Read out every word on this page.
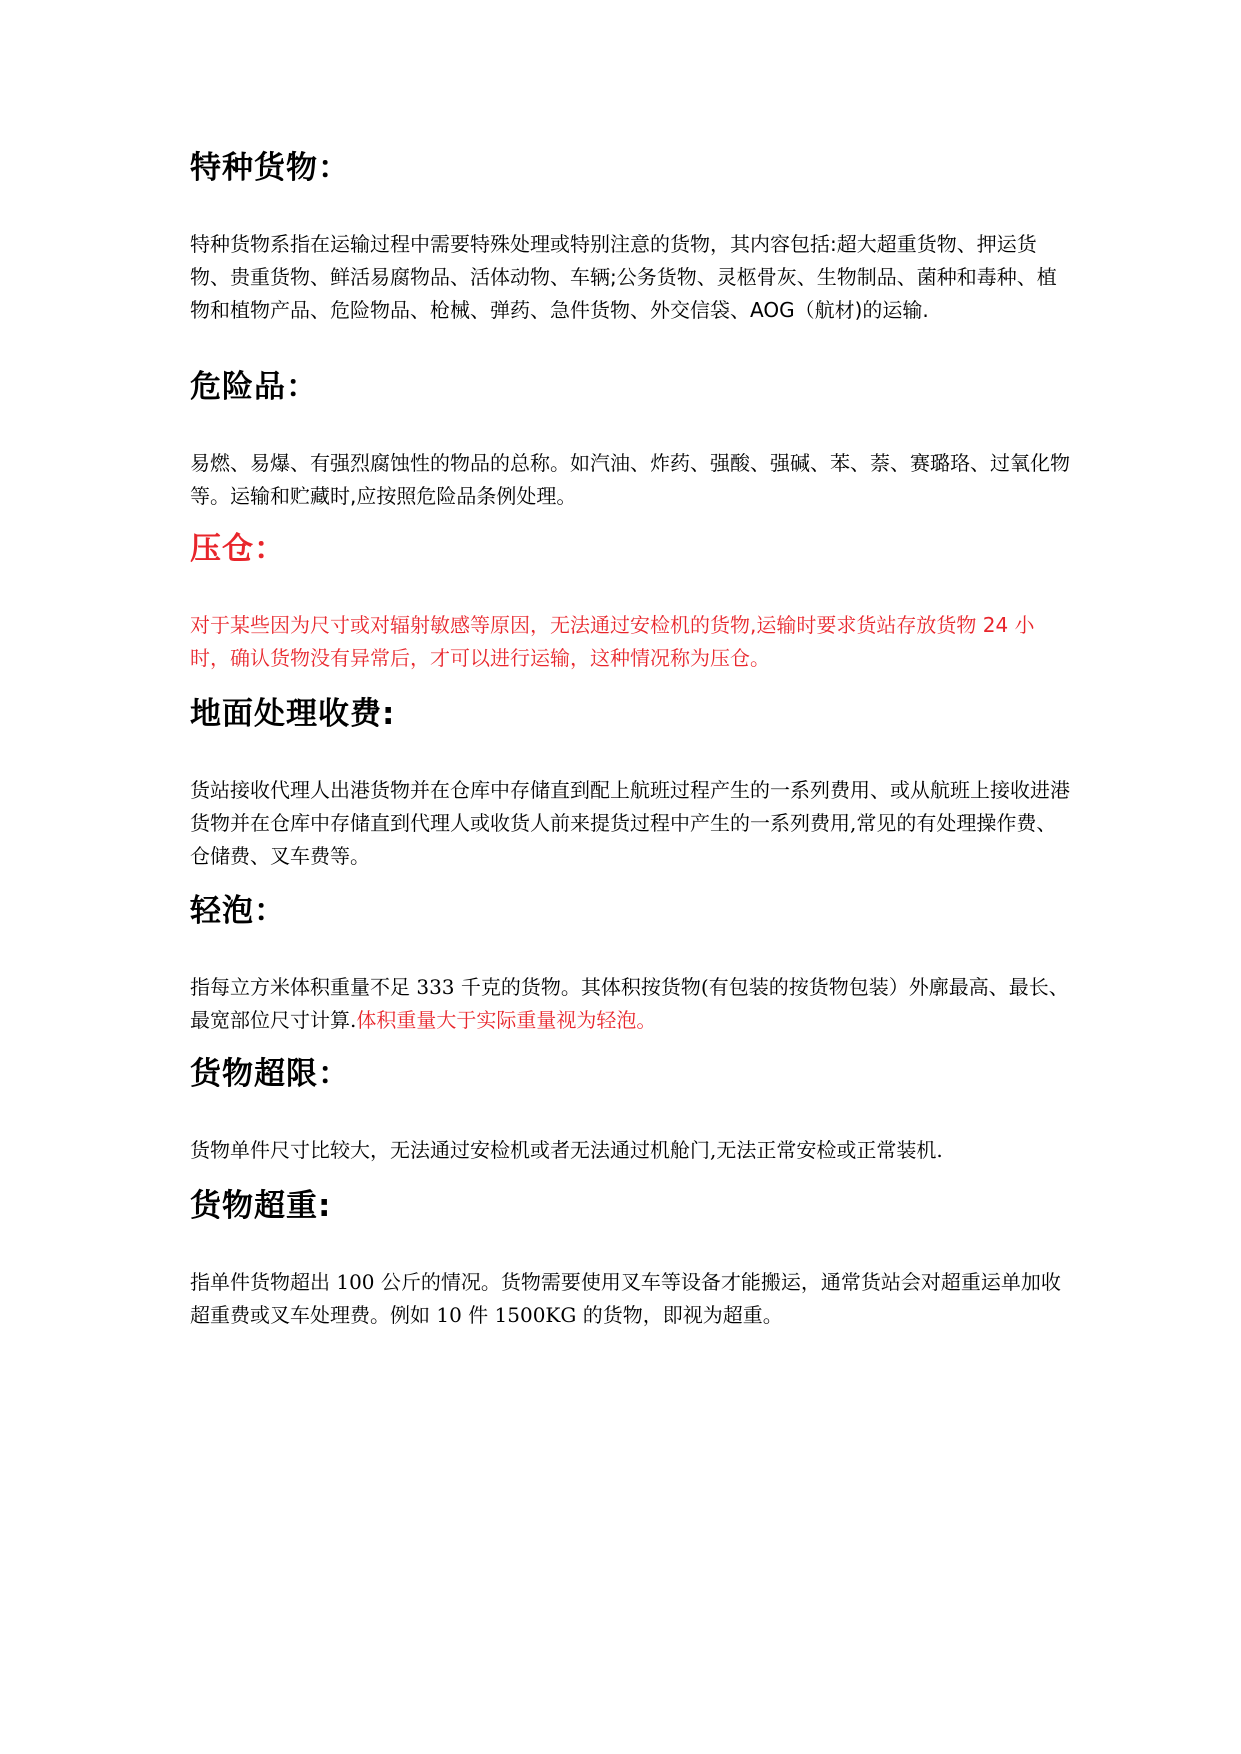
特种货物：

特种货物系指在运输过程中需要特殊处理或特别注意的货物，其内容包括:超大超重货物、押运货物、贵重货物、鲜活易腐物品、活体动物、车辆;公务货物、灵柩骨灰、生物制品、菌种和毒种、植物和植物产品、危险物品、枪械、弹药、急件货物、外交信袋、AOG（航材)的运输.

危险品：

易燃、易爆、有强烈腐蚀性的物品的总称。如汽油、炸药、强酸、强碱、苯、萘、赛璐珞、过氧化物等。运输和贮藏时,应按照危险品条例处理。

压仓：

对于某些因为尺寸或对辐射敏感等原因，无法通过安检机的货物,运输时要求货站存放货物 24 小时，确认货物没有异常后，才可以进行运输，这种情况称为压仓。

地面处理收费:

货站接收代理人出港货物并在仓库中存储直到配上航班过程产生的一系列费用、或从航班上接收进港货物并在仓库中存储直到代理人或收货人前来提货过程中产生的一系列费用,常见的有处理操作费、仓储费、叉车费等。

轻泡：

指每立方米体积重量不足 333 千克的货物。其体积按货物(有包装的按货物包装）外廓最高、最长、最宽部位尺寸计算.体积重量大于实际重量视为轻泡。

货物超限：

货物单件尺寸比较大，无法通过安检机或者无法通过机舱门,无法正常安检或正常装机.

货物超重:

指单件货物超出 100 公斤的情况。货物需要使用叉车等设备才能搬运，通常货站会对超重运单加收超重费或叉车处理费。例如 10 件 1500KG 的货物，即视为超重。
